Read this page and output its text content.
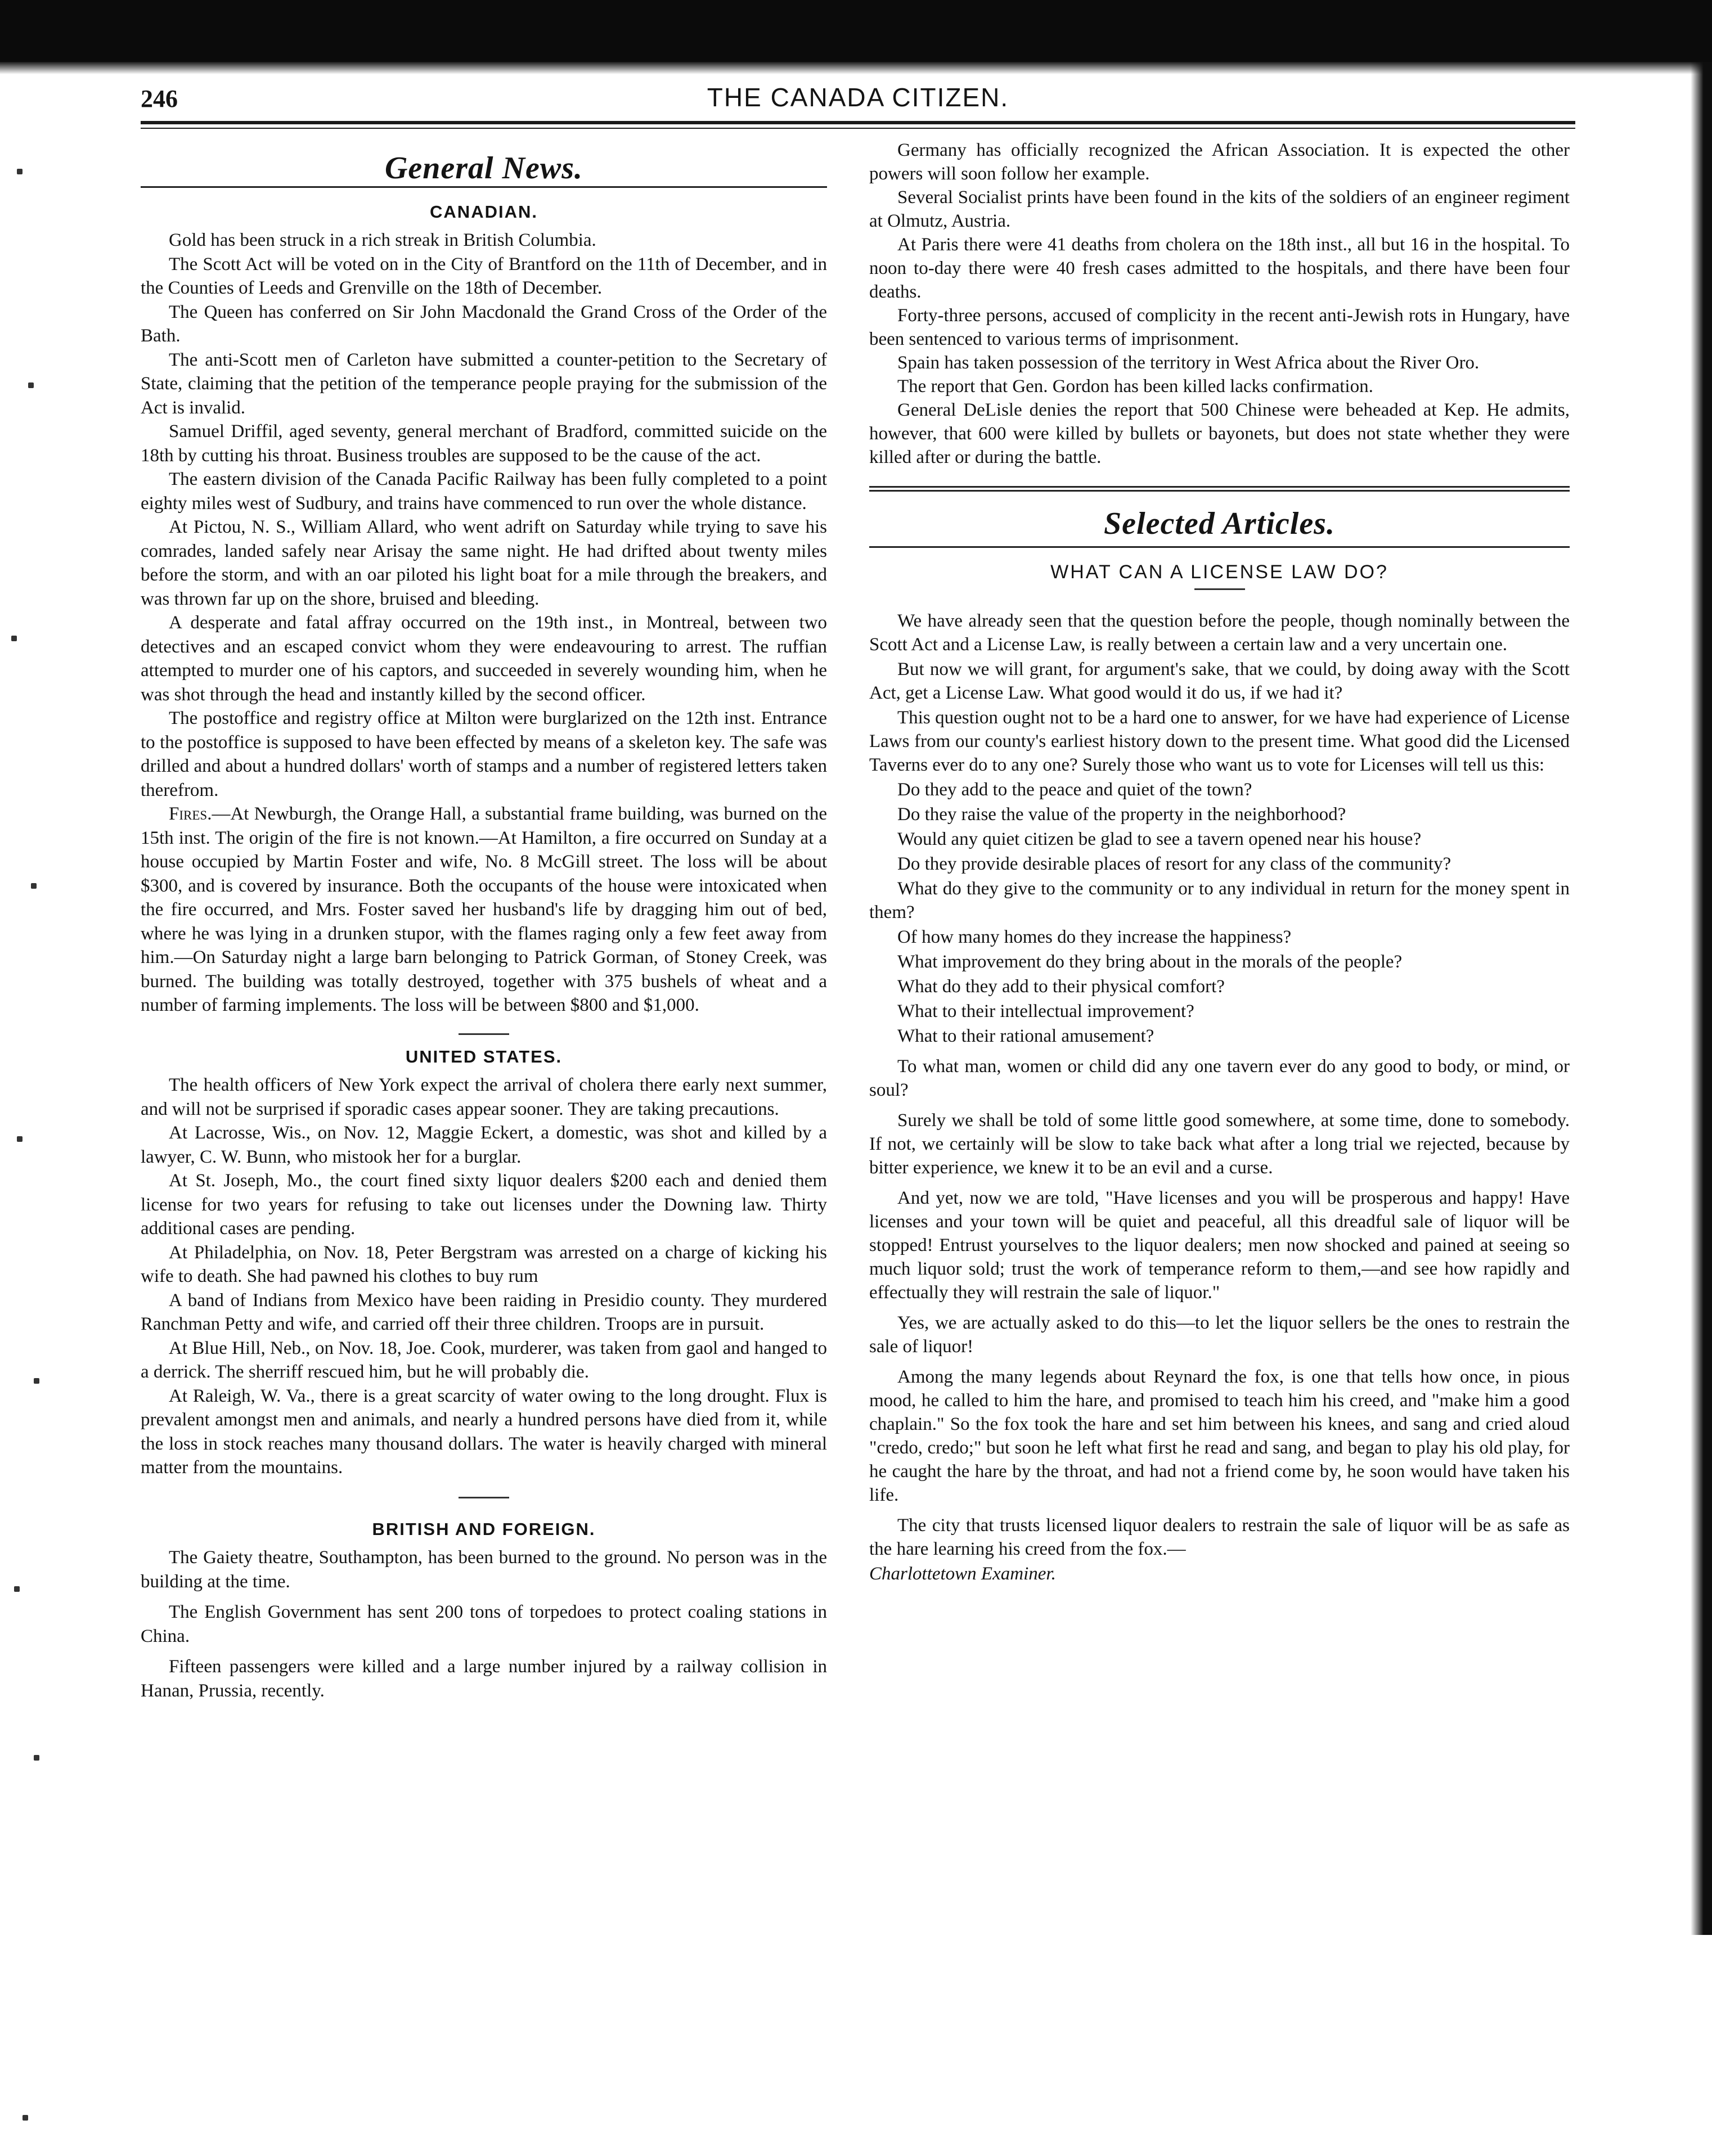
246	THE CANADA CITIZEN.
General News.
CANADIAN.

Gold has been struck in a rich streak in British Columbia.

The Scott Act will be voted on in the City of Brantford on the 11th of December, and in the Counties of Leeds and Grenville on the 18th of December.

The Queen has conferred on Sir John Macdonald the Grand Cross of the Order of the Bath.

The anti-Scott men of Carleton have submitted a counter-petition to the Secretary of State, claiming that the petition of the temperance people praying for the submission of the Act is invalid.

Samuel Driffil, aged seventy, general merchant of Bradford, committed suicide on the 18th by cutting his throat. Business troubles are supposed to be the cause of the act.

The eastern division of the Canada Pacific Railway has been fully completed to a point eighty miles west of Sudbury, and trains have commenced to run over the whole distance.

At Pictou, N. S., William Allard, who went adrift on Saturday while trying to save his comrades, landed safely near Arisay the same night. He had drifted about twenty miles before the storm, and with an oar piloted his light boat for a mile through the breakers, and was thrown far up on the shore, bruised and bleeding.

A desperate and fatal affray occurred on the 19th inst., in Montreal, between two detectives and an escaped convict whom they were endeavouring to arrest. The ruffian attempted to murder one of his captors, and succeeded in severely wounding him, when he was shot through the head and instantly killed by the second officer.

The postoffice and registry office at Milton were burglarized on the 12th inst. Entrance to the postoffice is supposed to have been effected by means of a skeleton key. The safe was drilled and about a hundred dollars' worth of stamps and a number of registered letters taken therefrom.

Fires.—At Newburgh, the Orange Hall, a substantial frame building, was burned on the 15th inst. The origin of the fire is not known.—At Hamilton, a fire occurred on Sunday at a house occupied by Martin Foster and wife, No. 8 McGill street. The loss will be about $300, and is covered by insurance. Both the occupants of the house were intoxicated when the fire occurred, and Mrs. Foster saved her husband's life by dragging him out of bed, where he was lying in a drunken stupor, with the flames raging only a few feet away from him.—On Saturday night a large barn belonging to Patrick Gorman, of Stoney Creek, was burned. The building was totally destroyed, together with 375 bushels of wheat and a number of farming implements. The loss will be between $800 and $1,000.

UNITED STATES.

The health officers of New York expect the arrival of cholera there early next summer, and will not be surprised if sporadic cases appear sooner. They are taking precautions.

At Lacrosse, Wis., on Nov. 12, Maggie Eckert, a domestic, was shot and killed by a lawyer, C. W. Bunn, who mistook her for a burglar.

At St. Joseph, Mo., the court fined sixty liquor dealers $200 each and denied them license for two years for refusing to take out licenses under the Downing law. Thirty additional cases are pending.

At Philadelphia, on Nov. 18, Peter Bergstram was arrested on a charge of kicking his wife to death. She had pawned his clothes to buy rum

A band of Indians from Mexico have been raiding in Presidio county. They murdered Ranchman Petty and wife, and carried off their three children. Troops are in pursuit.

At Blue Hill, Neb., on Nov. 18, Joe. Cook, murderer, was taken from gaol and hanged to a derrick. The sherriff rescued him, but he will probably die.

At Raleigh, W. Va., there is a great scarcity of water owing to the long drought. Flux is prevalent amongst men and animals, and nearly a hundred persons have died from it, while the loss in stock reaches many thousand dollars. The water is heavily charged with mineral matter from the mountains.

BRITISH AND FOREIGN.

The Gaiety theatre, Southampton, has been burned to the ground. No person was in the building at the time.

The English Government has sent 200 tons of torpedoes to protect coaling stations in China.

Fifteen passengers were killed and a large number injured by a railway collision in Hanan, Prussia, recently.

Germany has officially recognized the African Association. It is expected the other powers will soon follow her example.

Several Socialist prints have been found in the kits of the soldiers of an engineer regiment at Olmutz, Austria.

At Paris there were 41 deaths from cholera on the 18th inst., all but 16 in the hospital. To noon to-day there were 40 fresh cases admitted to the hospitals, and there have been four deaths.

Forty-three persons, accused of complicity in the recent anti-Jewish rots in Hungary, have been sentenced to various terms of imprisonment.

Spain has taken possession of the territory in West Africa about the River Oro.

The report that Gen. Gordon has been killed lacks confirmation.

General DeLisle denies the report that 500 Chinese were beheaded at Kep. He admits, however, that 600 were killed by bullets or bayonets, but does not state whether they were killed after or during the battle.

Selected Articles.
WHAT CAN A LICENSE LAW DO?

We have already seen that the question before the people, though nominally between the Scott Act and a License Law, is really between a certain law and a very uncertain one.

But now we will grant, for argument's sake, that we could, by doing away with the Scott Act, get a License Law. What good would it do us, if we had it?

This question ought not to be a hard one to answer, for we have had experience of License Laws from our county's earliest history down to the present time. What good did the Licensed Taverns ever do to any one? Surely those who want us to vote for Licenses will tell us this:

Do they add to the peace and quiet of the town?

Do they raise the value of the property in the neighborhood?

Would any quiet citizen be glad to see a tavern opened near his house?

Do they provide desirable places of resort for any class of the community?

What do they give to the community or to any individual in return for the money spent in them?

Of how many homes do they increase the happiness?

What improvement do they bring about in the morals of the people?

What do they add to their physical comfort?

What to their intellectual improvement?

What to their rational amusement?

To what man, women or child did any one tavern ever do any good to body, or mind, or soul?

Surely we shall be told of some little good somewhere, at some time, done to somebody. If not, we certainly will be slow to take back what after a long trial we rejected, because by bitter experience, we knew it to be an evil and a curse.

And yet, now we are told, "Have licenses and you will be prosperous and happy! Have licenses and your town will be quiet and peaceful, all this dreadful sale of liquor will be stopped! Entrust yourselves to the liquor dealers; men now shocked and pained at seeing so much liquor sold; trust the work of temperance reform to them,—and see how rapidly and effectually they will restrain the sale of liquor."

Yes, we are actually asked to do this—to let the liquor sellers be the ones to restrain the sale of liquor!

Among the many legends about Reynard the fox, is one that tells how once, in pious mood, he called to him the hare, and promised to teach him his creed, and "make him a good chaplain." So the fox took the hare and set him between his knees, and sang and cried aloud "credo, credo;" but soon he left what first he read and sang, and began to play his old play, for he caught the hare by the throat, and had not a friend come by, he soon would have taken his life.

The city that trusts licensed liquor dealers to restrain the sale of liquor will be as safe as the hare learning his creed from the fox.—

Charlottetown Examiner.
